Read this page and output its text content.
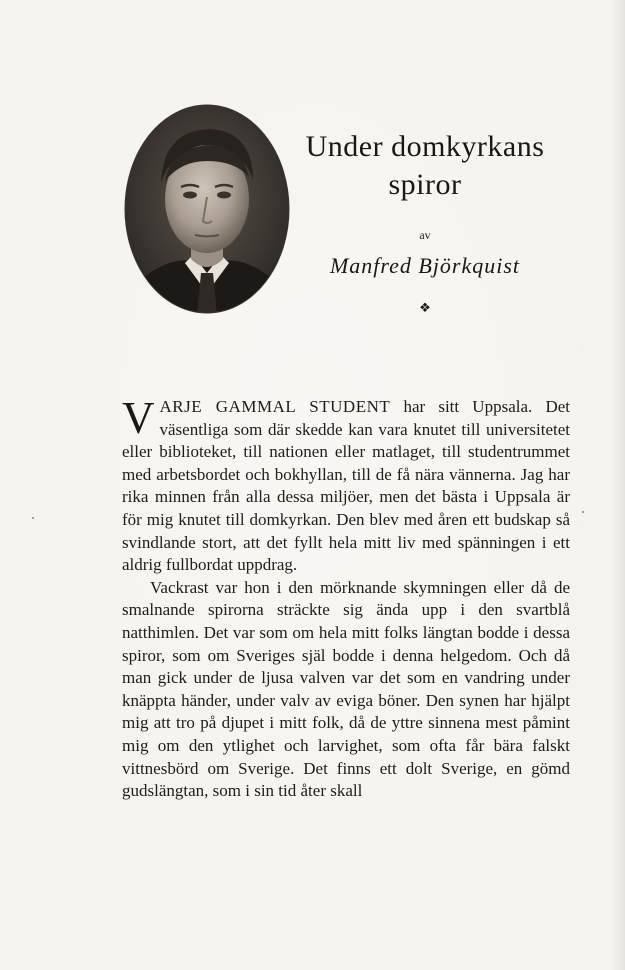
Under domkyrkans
spiror
av
Manfred Björkquist
❖

VARJE GAMMAL STUDENT har sitt Uppsala. Det väsentliga som där skedde kan vara knutet till universitetet eller biblioteket, till nationen eller matlaget, till studentrummet med arbetsbordet och bokhyllan, till de få nära vännerna. Jag har rika minnen från alla dessa miljöer, men det bästa i Uppsala är för mig knutet till domkyrkan. Den blev med åren ett budskap så svindlande stort, att det fyllt hela mitt liv med spänningen i ett aldrig fullbordat uppdrag.

Vackrast var hon i den mörknande skymningen eller då de smalnande spirorna sträckte sig ända upp i den svartblå natthimlen. Det var som om hela mitt folks längtan bodde i dessa spiror, som om Sveriges själ bodde i denna helgedom. Och då man gick under de ljusa valven var det som en vandring under knäppta händer, under valv av eviga böner. Den synen har hjälpt mig att tro på djupet i mitt folk, då de yttre sinnena mest påmint mig om den ytlighet och larvighet, som ofta får bära falskt vittnesbörd om Sverige. Det finns ett dolt Sverige, en gömd gudslängtan, som i sin tid åter skall
